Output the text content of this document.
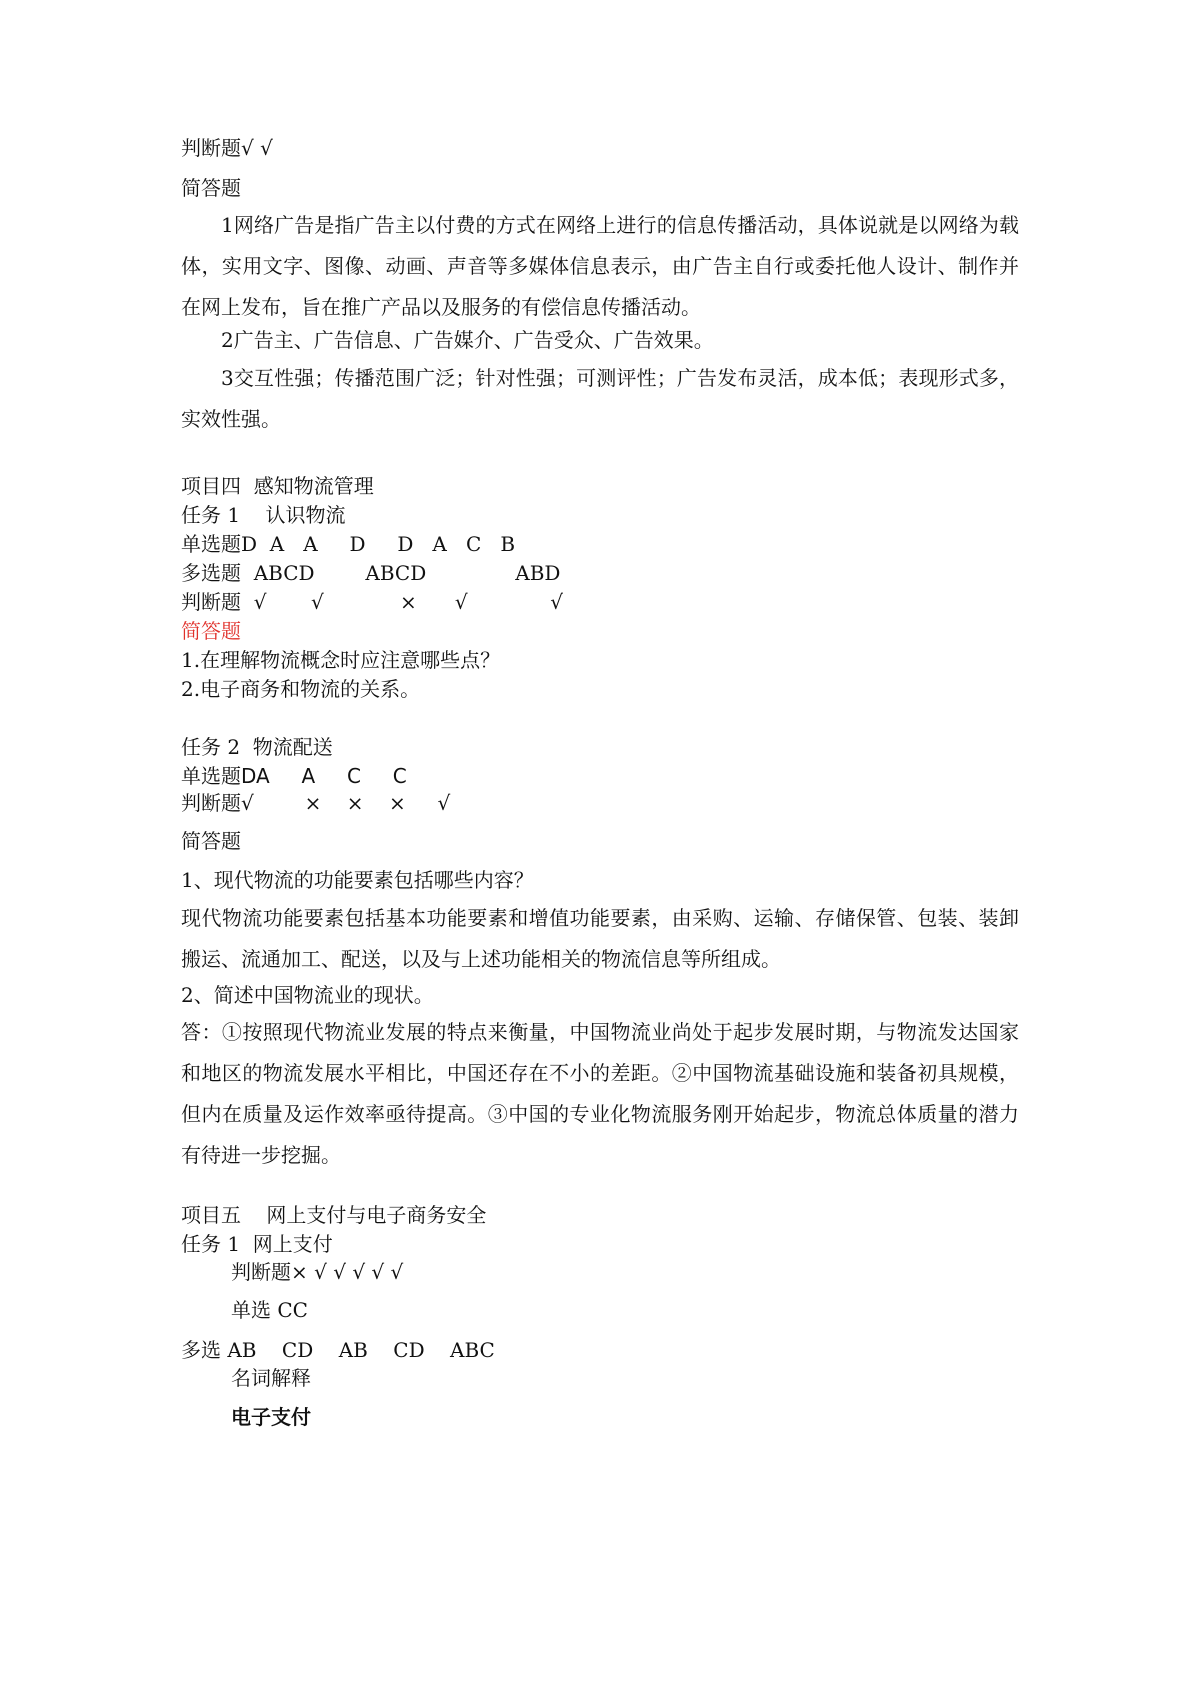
判断题√ √
简答题
1网络广告是指广告主以付费的方式在网络上进行的信息传播活动，具体说就是以网络为载体，实用文字、图像、动画、声音等多媒体信息表示，由广告主自行或委托他人设计、制作并在网上发布，旨在推广产品以及服务的有偿信息传播活动。
2广告主、广告信息、广告媒介、广告受众、广告效果。
3交互性强；传播范围广泛；针对性强；可测评性；广告发布灵活，成本低；表现形式多，实效性强。
项目四  感知物流管理
任务 1    认识物流
单选题D  A   A     D     D   A   C   B
多选题  ABCD        ABCD              ABD
判断题  √       √            ×      √             √
简答题
1.在理解物流概念时应注意哪些点？
2.电子商务和物流的关系。
任务 2  物流配送
单选题DA     A     C     C
判断题√        ×    ×    ×     √
简答题
1、现代物流的功能要素包括哪些内容？
现代物流功能要素包括基本功能要素和增值功能要素，由采购、运输、存储保管、包装、装卸搬运、流通加工、配送，以及与上述功能相关的物流信息等所组成。
2、简述中国物流业的现状。
答：①按照现代物流业发展的特点来衡量，中国物流业尚处于起步发展时期，与物流发达国家和地区的物流发展水平相比，中国还存在不小的差距。②中国物流基础设施和装备初具规模，但内在质量及运作效率亟待提高。③中国的专业化物流服务刚开始起步，物流总体质量的潜力有待进一步挖掘。
项目五    网上支付与电子商务安全
任务 1  网上支付
判断题× √ √ √ √ √
单选 CC
多选 AB    CD    AB    CD    ABC
名词解释
电子支付
